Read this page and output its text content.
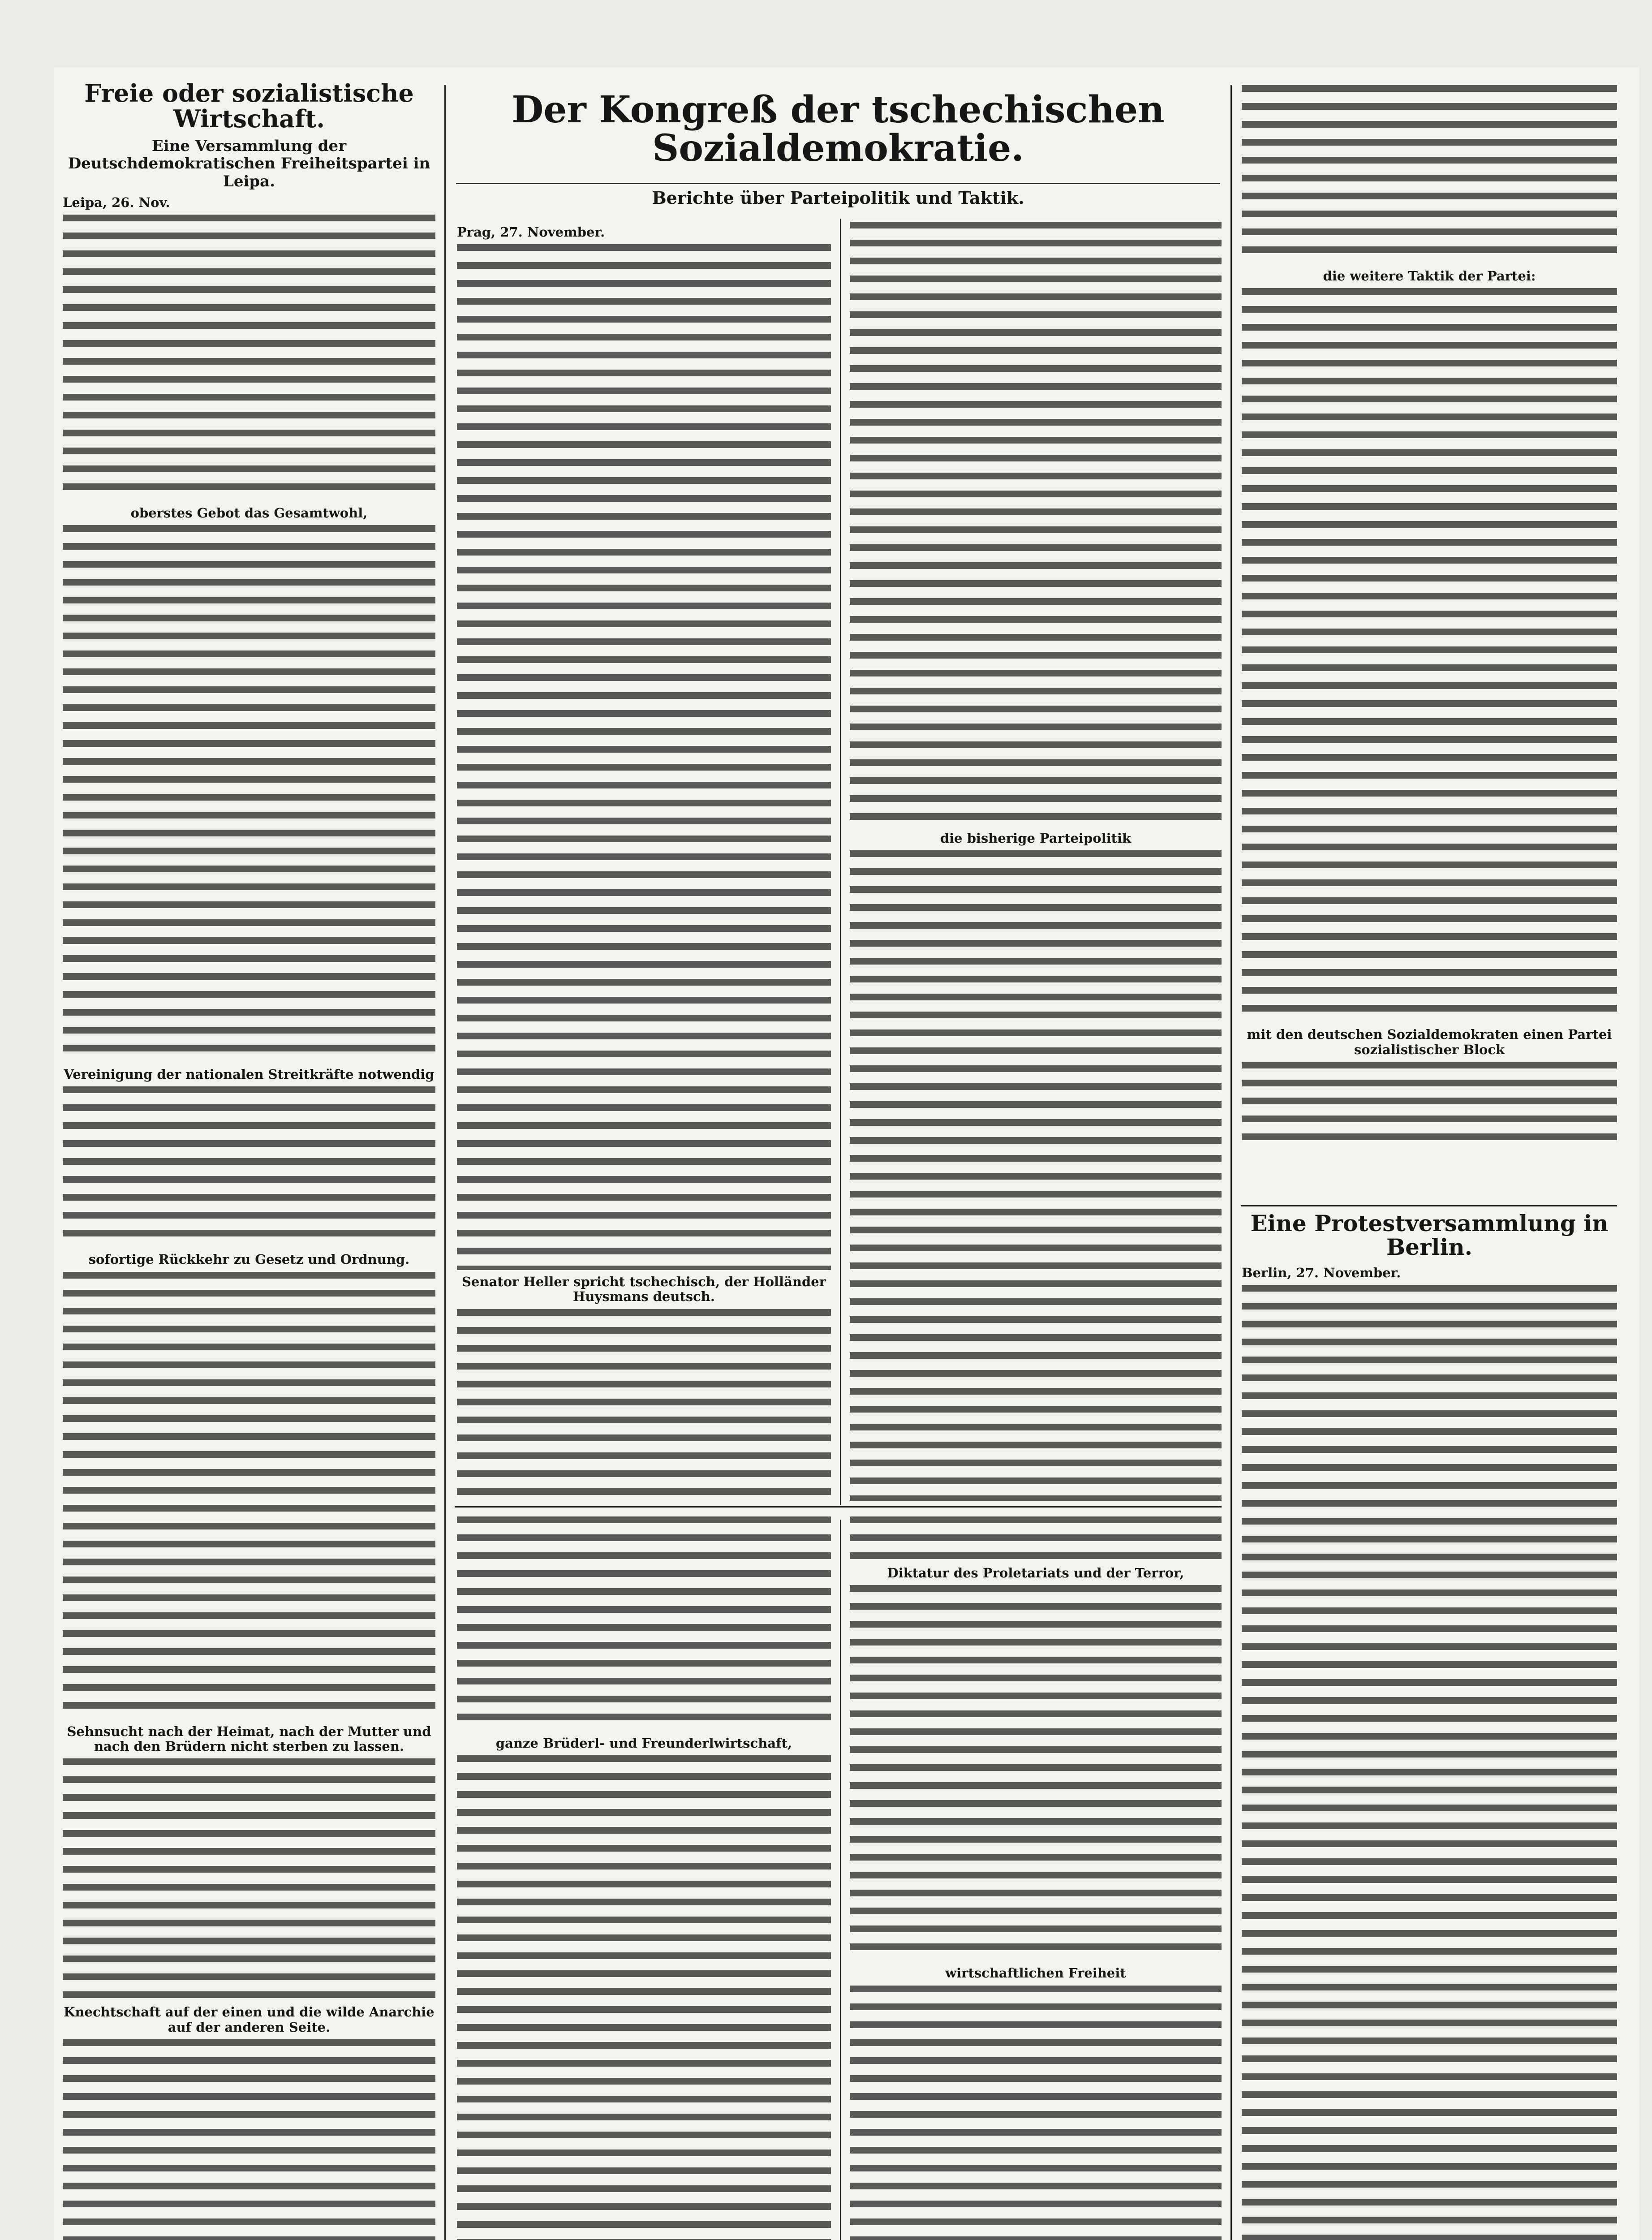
Freie oder sozialistische Wirtschaft.
Eine Versammlung der Deutschdemokratischen Freiheitspartei in Leipa.
Leipa, 26. Nov.
oberstes Gebot das Gesamtwohl,
Vereinigung der nationalen Streitkräfte notwendig
sofortige Rückkehr zu Gesetz und Ordnung.
Sehnsucht nach der Heimat, nach der Mutter und nach den Brüdern nicht sterben zu lassen.
Knechtschaft auf der einen und die wilde Anarchie auf der anderen Seite.
Der Kongreß der tschechischen Sozialdemokratie.
Berichte über Parteipolitik und Taktik.
Prag, 27. November.
Senator Heller spricht tschechisch, der Holländer Huysmans deutsch.
die bisherige Parteipolitik
ganze Brüderl- und Freunderlwirtschaft,
Diktatur des Proletariats und der Terror,
wirtschaftlichen Freiheit
die weitere Taktik der Partei:
mit den deutschen Sozialdemokraten einen Partei sozialistischer Block
Eine Protestversammlung in Berlin.
Berlin, 27. November.
